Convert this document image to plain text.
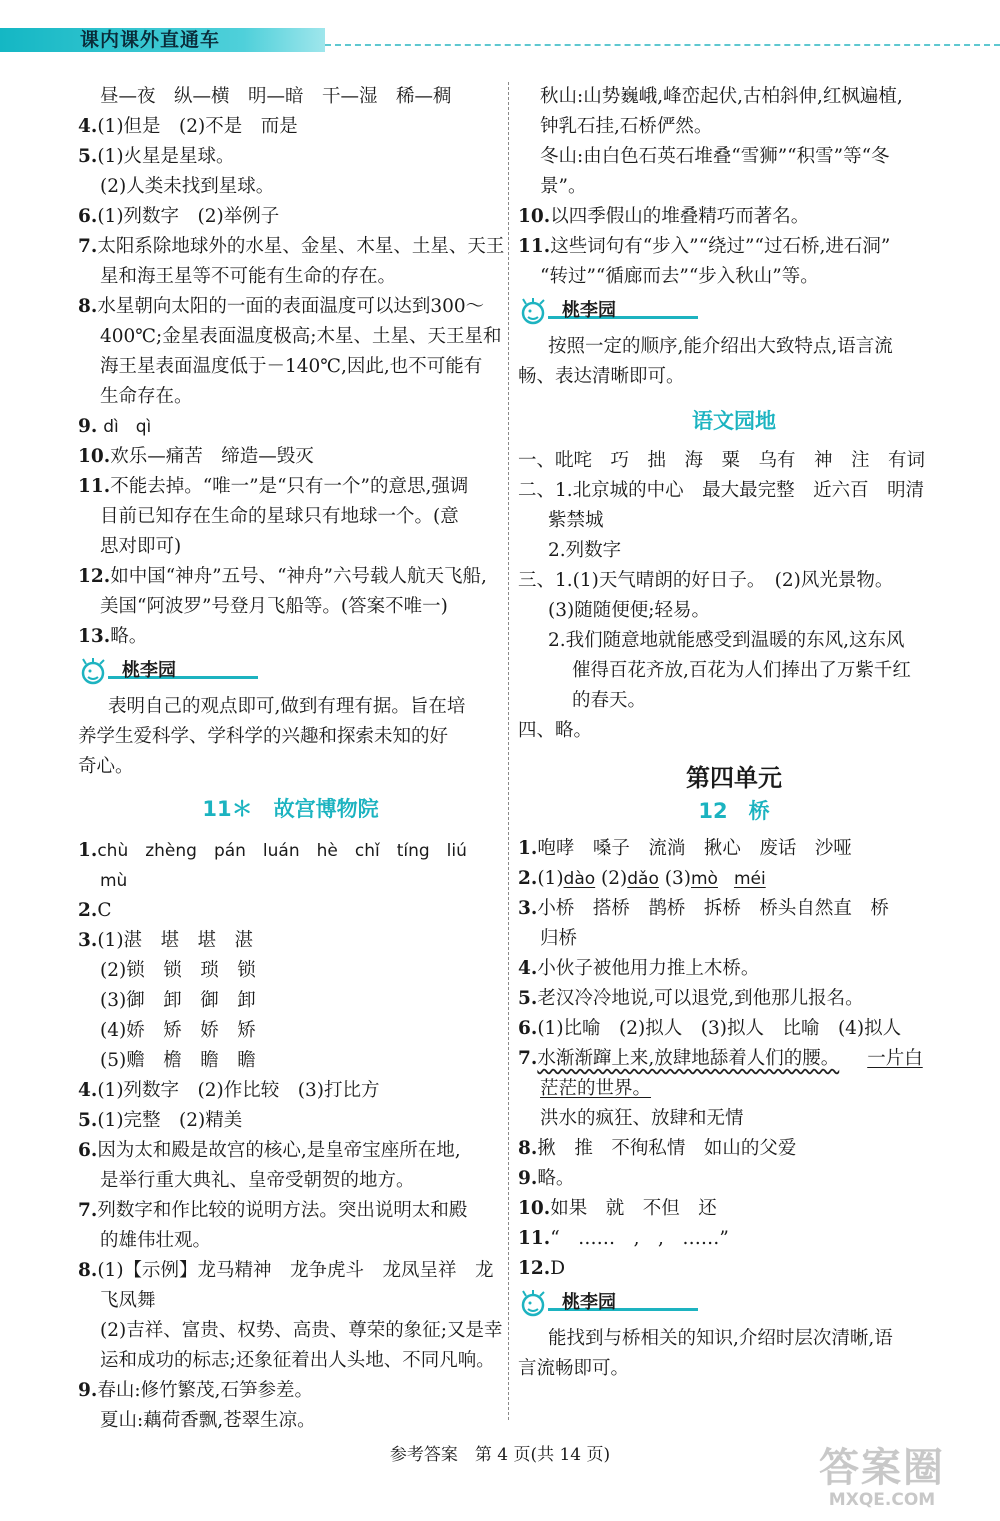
课内课外直通车
昼—夜　纵—横　明—暗　干—湿　稀—稠
4.(1)但是　(2)不是　而是
5.(1)火星是星球。
(2)人类未找到星球。
6.(1)列数字　(2)举例子
7.太阳系除地球外的水星、金星、木星、土星、天王
星和海王星等不可能有生命的存在。
8.水星朝向太阳的一面的表面温度可以达到300～
400℃;金星表面温度极高;木星、土星、天王星和
海王星表面温度低于－140℃,因此,也不可能有
生命存在。
9. dì　qì
10.欢乐—痛苦　缔造—毁灭
11.不能去掉。“唯一”是“只有一个”的意思,强调
目前已知存在生命的星球只有地球一个。(意
思对即可)
12.如中国“神舟”五号、“神舟”六号载人航天飞船,
美国“阿波罗”号登月飞船等。(答案不唯一)
13.略。
桃李园
表明自己的观点即可,做到有理有据。旨在培
养学生爱科学、学科学的兴趣和探索未知的好
奇心。
11＊　故宫博物院
1.chù　zhèng　pán　luán　hè　chǐ　tíng　liú
mù
2.C
3.(1)湛　堪　堪　湛
(2)锁　锁　琐　锁
(3)御　卸　御　卸
(4)娇　矫　娇　矫
(5)赡　檐　瞻　瞻
4.(1)列数字　(2)作比较　(3)打比方
5.(1)完整　(2)精美
6.因为太和殿是故宫的核心,是皇帝宝座所在地,
是举行重大典礼、皇帝受朝贺的地方。
7.列数字和作比较的说明方法。突出说明太和殿
的雄伟壮观。
8.(1)【示例】龙马精神　龙争虎斗　龙凤呈祥　龙
飞凤舞
(2)吉祥、富贵、权势、高贵、尊荣的象征;又是幸
运和成功的标志;还象征着出人头地、不同凡响。
9.春山:修竹繁茂,石笋参差。
夏山:藕荷香飘,苍翠生凉。
秋山:山势巍峨,峰峦起伏,古柏斜伸,红枫遍植,
钟乳石挂,石桥俨然。
冬山:由白色石英石堆叠“雪狮”“积雪”等“冬
景”。
10.以四季假山的堆叠精巧而著名。
11.这些词句有“步入”“绕过”“过石桥,进石洞”
“转过”“循廊而去”“步入秋山”等。
桃李园
按照一定的顺序,能介绍出大致特点,语言流
畅、表达清晰即可。
语文园地
一、吡咤　巧　拙　海　粟　乌有　神　注　有词
二、1.北京城的中心　最大最完整　近六百　明清
紫禁城
2.列数字
三、1.(1)天气晴朗的好日子。　(2)风光景物。
(3)随随便便;轻易。
2.我们随意地就能感受到温暖的东风,这东风
催得百花齐放,百花为人们捧出了万紫千红
的春天。
四、略。
第四单元
12　桥
1.咆哮　嗓子　流淌　揪心　废话　沙哑
2.(1)dào (2)dǎo (3)mò méi
3.小桥　搭桥　鹊桥　拆桥　桥头自然直　桥
归桥
4.小伙子被他用力推上木桥。
5.老汉冷冷地说,可以退党,到他那儿报名。
6.(1)比喻　(2)拟人　(3)拟人　比喻　(4)拟人
7.水渐渐蹿上来,放肆地舔着人们的腰。 一片白
茫茫的世界。
洪水的疯狂、放肆和无情
8.揪　推　不徇私情　如山的父爱
9.略。
10.如果　就　不但　还
11.“　……　,　,　……”
12.D
桃李园
能找到与桥相关的知识,介绍时层次清晰,语
言流畅即可。
参考答案　第 4 页(共 14 页)	答案圈
MXQE.COM
